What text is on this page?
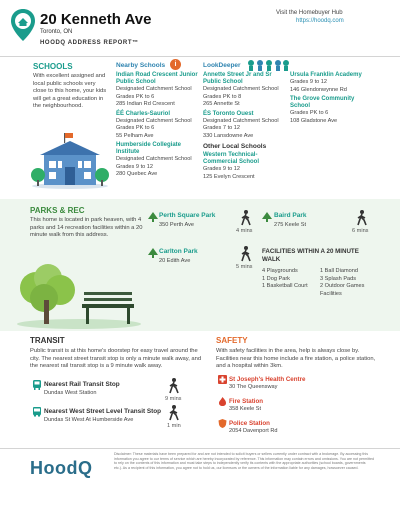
20 Kenneth Ave
Toronto, ON
HOODQ ADDRESS REPORT™
Visit the Homebuyer Hub
https://hoodq.com
SCHOOLS
With excellent assigned and local public schools very close to this home, your kids will get a great education in the neighbourhood.
Nearby Schools	i	LookDeeper
Indian Road Crescent Junior Public School
Designated Catchment School
Grades PK to 6
285 Indian Rd Crescent
ÉÉ Charles-Sauriol
Designated Catchment School
Grades PK to 6
55 Pelham Ave
Humberside Collegiate Institute
Designated Catchment School
Grades 9 to 12
280 Quebec Ave
Annette Street Jr and Sr Public School
Designated Catchment School
Grades PK to 8
265 Annette St
ÉS Toronto Ouest
Designated Catchment School
Grades 7 to 12
330 Lansdowne Ave
Other Local Schools
Western Technical-Commercial School
Grades 9 to 12
125 Evelyn Crescent
Ursula Franklin Academy
Grades 9 to 12
146 Glendonwynne Rd
The Grove Community School
Grades PK to 6
108 Gladstone Ave
PARKS & REC
This home is located in park heaven, with 4 parks and 14 recreation facilities within a 20 minute walk from this address.
Perth Square Park
350 Perth Ave
4 mins
Baird Park
275 Keele St
6 mins
Carlton Park
20 Edith Ave
5 mins
FACILITIES WITHIN A 20 MINUTE WALK
4 Playgrounds	1 Ball Diamond
1 Dog Park	3 Splash Pads
1 Basketball Court	2 Outdoor Games Facilities
TRANSIT
Public transit is at this home's doorstep for easy travel around the city. The nearest street transit stop is only a minute walk away, and the nearest rail transit stop is a 9 minute walk away.
Nearest Rail Transit Stop
Dundas West Station
9 mins
Nearest West Street Level Transit Stop
Dundas St West At Humberside Ave
1 min
SAFETY
With safety facilities in the area, help is always close by. Facilities near this home include a fire station, a police station, and a hospital within 3km.
St Joseph's Health Centre
30 The Queensway
Fire Station
358 Keele St
Police Station
2054 Davenport Rd
HoodQ
Disclaimer: These materials have been prepared for and are not intended to solicit buyers or sellers currently under contract with a brokerage. By accessing this information you agree to our terms of service which are hereby incorporated by reference. This information may contain errors and omissions. You are not permitted to rely on the contents of this information and must take steps to independently verify its contents with the appropriate authorities (school boards, governments etc.). As a recipient of this information, you agree not to hold us, our licensors or the owners of the information liable for any damages, howsoever caused.
